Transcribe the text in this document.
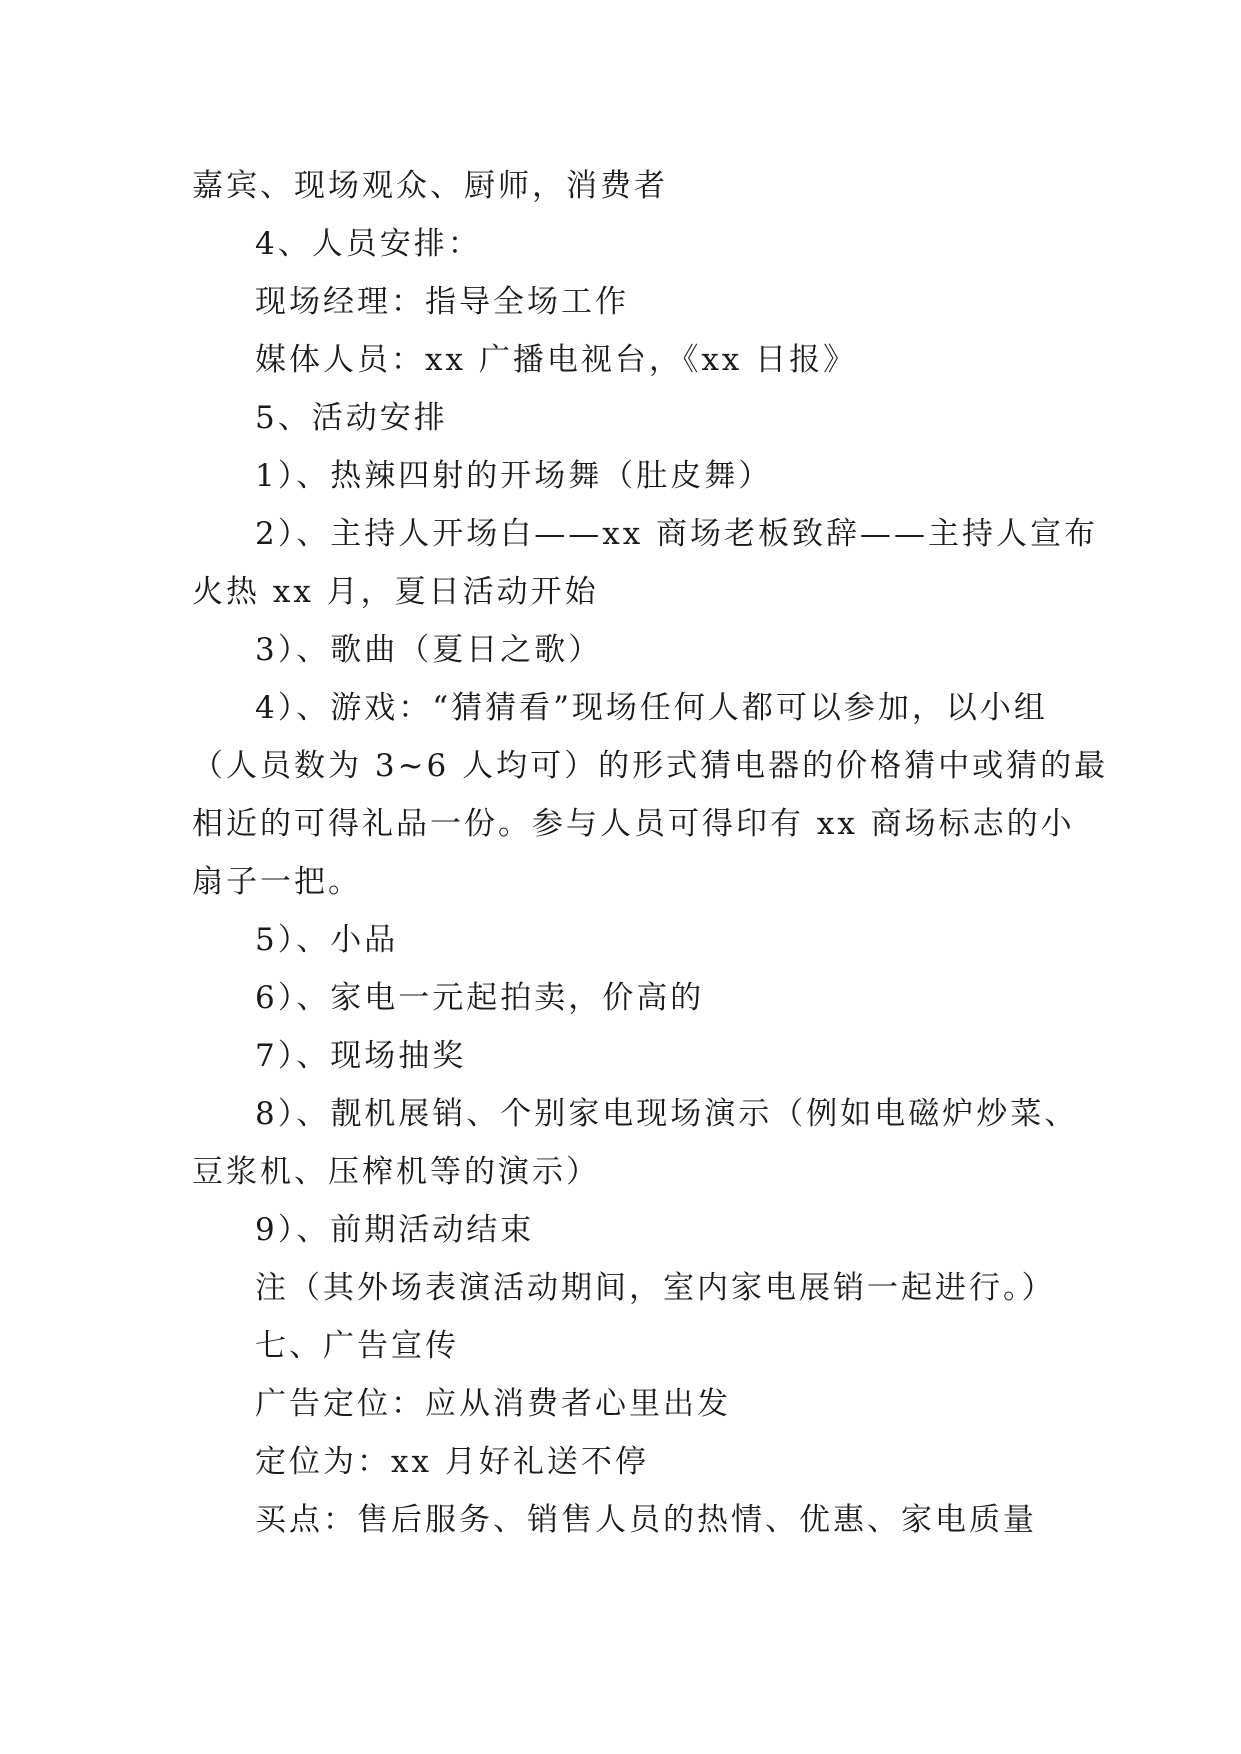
嘉宾、现场观众、厨师，消费者
4、人员安排：
现场经理：指导全场工作
媒体人员：xx 广播电视台，《xx 日报》
5、活动安排
1）、热辣四射的开场舞（肚皮舞）
2）、主持人开场白——xx 商场老板致辞——主持人宣布
火热 xx 月，夏日活动开始
3）、歌曲（夏日之歌）
4）、游戏：“猜猜看”现场任何人都可以参加，以小组
（人员数为 3~6 人均可）的形式猜电器的价格猜中或猜的最
相近的可得礼品一份。参与人员可得印有 xx 商场标志的小
扇子一把。
5）、小品
6）、家电一元起拍卖，价高的
7）、现场抽奖
8）、靓机展销、个别家电现场演示（例如电磁炉炒菜、
豆浆机、压榨机等的演示）
9）、前期活动结束
注（其外场表演活动期间，室内家电展销一起进行。）
七、广告宣传
广告定位：应从消费者心里出发
定位为：xx 月好礼送不停
买点：售后服务、销售人员的热情、优惠、家电质量
